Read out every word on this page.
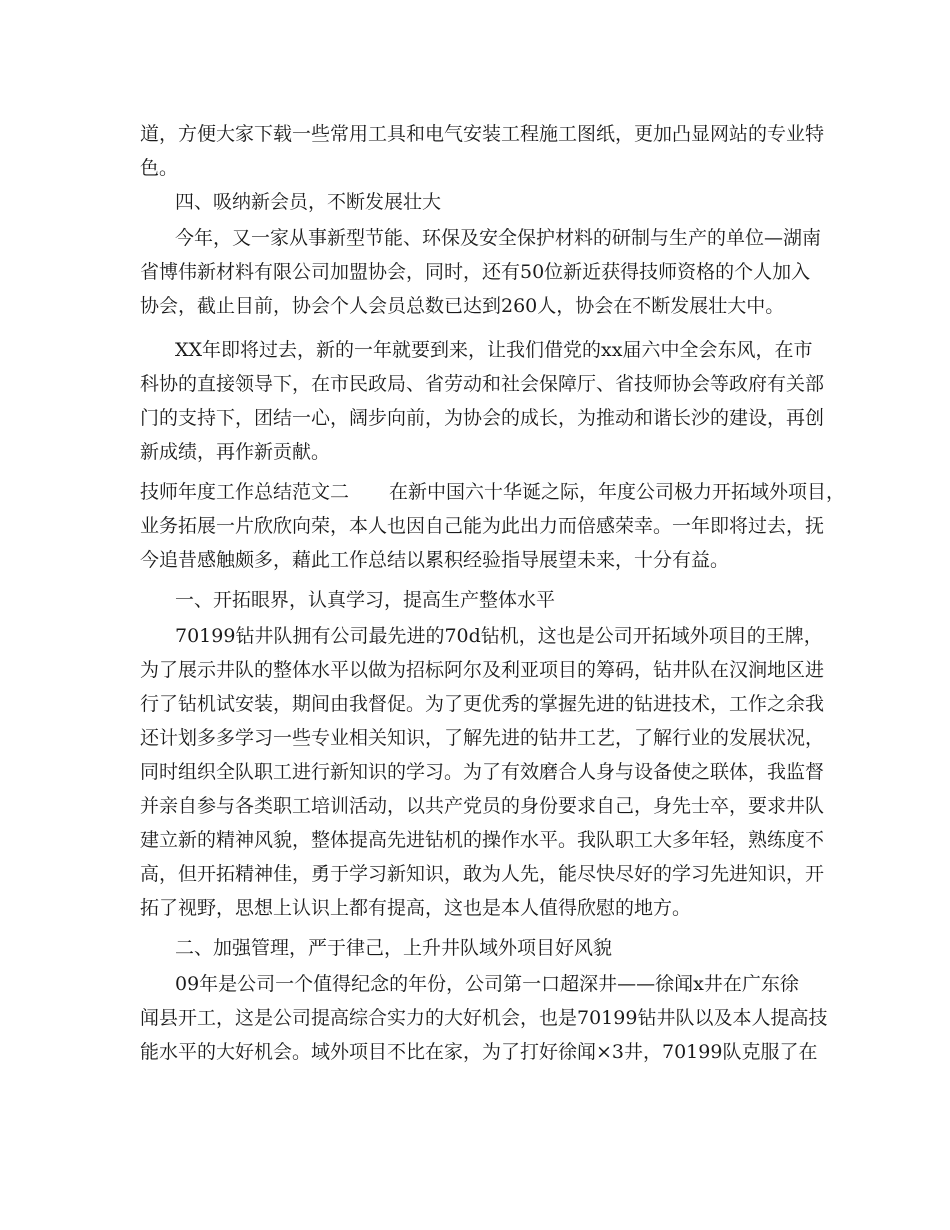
道，方便大家下载一些常用工具和电气安装工程施工图纸，更加凸显网站的专业特
色。
四、吸纳新会员，不断发展壮大
今年，又一家从事新型节能、环保及安全保护材料的研制与生产的单位—湖南
省博伟新材料有限公司加盟协会，同时，还有50位新近获得技师资格的个人加入
协会，截止目前，协会个人会员总数已达到260人，协会在不断发展壮大中。
XX年即将过去，新的一年就要到来，让我们借党的xx届六中全会东风，在市
科协的直接领导下，在市民政局、省劳动和社会保障厅、省技师协会等政府有关部
门的支持下，团结一心，阔步向前，为协会的成长，为推动和谐长沙的建设，再创
新成绩，再作新贡献。
技师年度工作总结范文二 在新中国六十华诞之际，年度公司极力开拓域外项目，
业务拓展一片欣欣向荣，本人也因自己能为此出力而倍感荣幸。一年即将过去，抚
今追昔感触颇多，藉此工作总结以累积经验指导展望未来，十分有益。
一、开拓眼界，认真学习，提高生产整体水平
70199钻井队拥有公司最先进的70d钻机，这也是公司开拓域外项目的王牌，
为了展示井队的整体水平以做为招标阿尔及利亚项目的筹码，钻井队在汉涧地区进
行了钻机试安装，期间由我督促。为了更优秀的掌握先进的钻进技术，工作之余我
还计划多多学习一些专业相关知识，了解先进的钻井工艺，了解行业的发展状况，
同时组织全队职工进行新知识的学习。为了有效磨合人身与设备使之联体，我监督
并亲自参与各类职工培训活动，以共产党员的身份要求自己，身先士卒，要求井队
建立新的精神风貌，整体提高先进钻机的操作水平。我队职工大多年轻，熟练度不
高，但开拓精神佳，勇于学习新知识，敢为人先，能尽快尽好的学习先进知识，开
拓了视野，思想上认识上都有提高，这也是本人值得欣慰的地方。
二、加强管理，严于律己，上升井队域外项目好风貌
09年是公司一个值得纪念的年份，公司第一口超深井——徐闻x井在广东徐
闻县开工，这是公司提高综合实力的大好机会，也是70199钻井队以及本人提高技
能水平的大好机会。域外项目不比在家，为了打好徐闻×3井，70199队克服了在
